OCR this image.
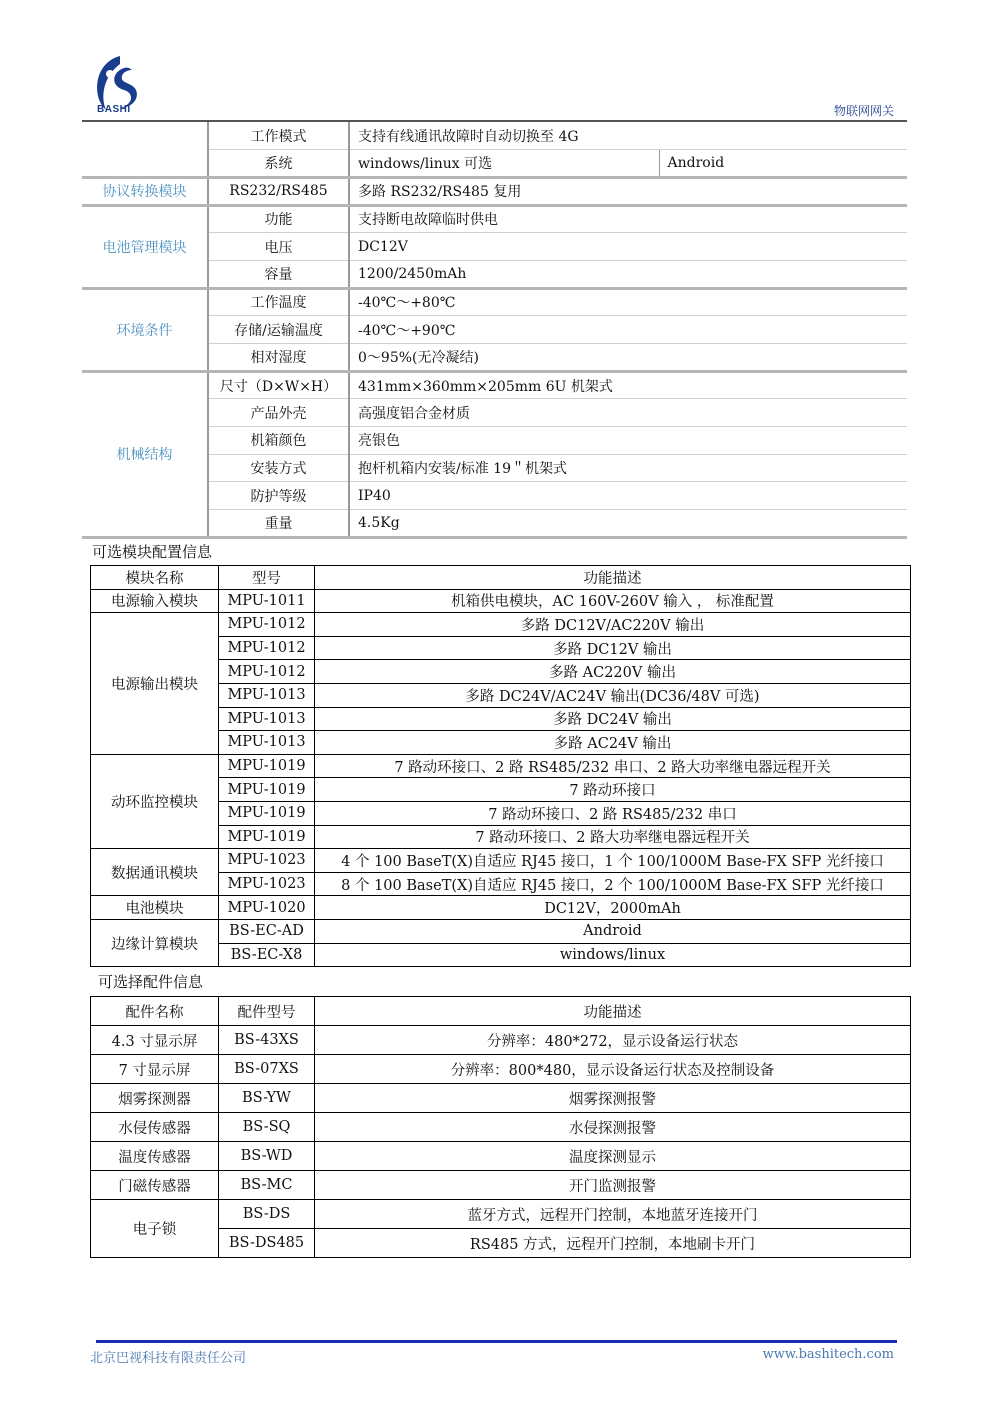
BASHI	物联网网关
	工作模式	支持有线通讯故障时自动切换至 4G	
	系统	windows/linux 可选	Android
协议转换模块	RS232/RS485	多路 RS232/RS485 复用	
电池管理模块	功能	支持断电故障临时供电	
	电压	DC12V	
	容量	1200/2450mAh	
环境条件	工作温度	-40℃～+80℃	
	存储/运输温度	-40℃～+90℃	
	相对湿度	0～95%(无冷凝结)	
机械结构	尺寸（D×W×H）	431mm×360mm×205mm 6U 机架式	
	产品外壳	高强度铝合金材质	
	机箱颜色	亮银色	
	安装方式	抱杆机箱内安装/标准 19＂机架式	
	防护等级	IP40	
	重量	4.5Kg	
可选模块配置信息
模块名称	型号	功能描述
电源输入模块	MPU-1011	机箱供电模块，AC 160V-260V 输入 ， 标准配置
电源输出模块	MPU-1012	多路 DC12V/AC220V 输出
	MPU-1012	多路 DC12V 输出
	MPU-1012	多路 AC220V 输出
	MPU-1013	多路 DC24V/AC24V 输出(DC36/48V 可选)
	MPU-1013	多路 DC24V 输出
	MPU-1013	多路 AC24V 输出
动环监控模块	MPU-1019	7 路动环接口、2 路 RS485/232 串口、2 路大功率继电器远程开关
	MPU-1019	7 路动环接口
	MPU-1019	7 路动环接口、2 路 RS485/232 串口
	MPU-1019	7 路动环接口、2 路大功率继电器远程开关
数据通讯模块	MPU-1023	4 个 100 BaseT(X)自适应 RJ45 接口，1 个 100/1000M Base-FX SFP 光纤接口
	MPU-1023	8 个 100 BaseT(X)自适应 RJ45 接口，2 个 100/1000M Base-FX SFP 光纤接口
电池模块	MPU-1020	DC12V，2000mAh
边缘计算模块	BS-EC-AD	Android
	BS-EC-X8	windows/linux
可选择配件信息
配件名称	配件型号	功能描述
4.3 寸显示屏	BS-43XS	分辨率：480*272，显示设备运行状态
7 寸显示屏	BS-07XS	分辨率：800*480，显示设备运行状态及控制设备
烟雾探测器	BS-YW	烟雾探测报警
水侵传感器	BS-SQ	水侵探测报警
温度传感器	BS-WD	温度探测显示
门磁传感器	BS-MC	开门监测报警
电子锁	BS-DS	蓝牙方式，远程开门控制，本地蓝牙连接开门
	BS-DS485	RS485 方式，远程开门控制，本地刷卡开门
北京巴视科技有限责任公司	www.bashitech.com
